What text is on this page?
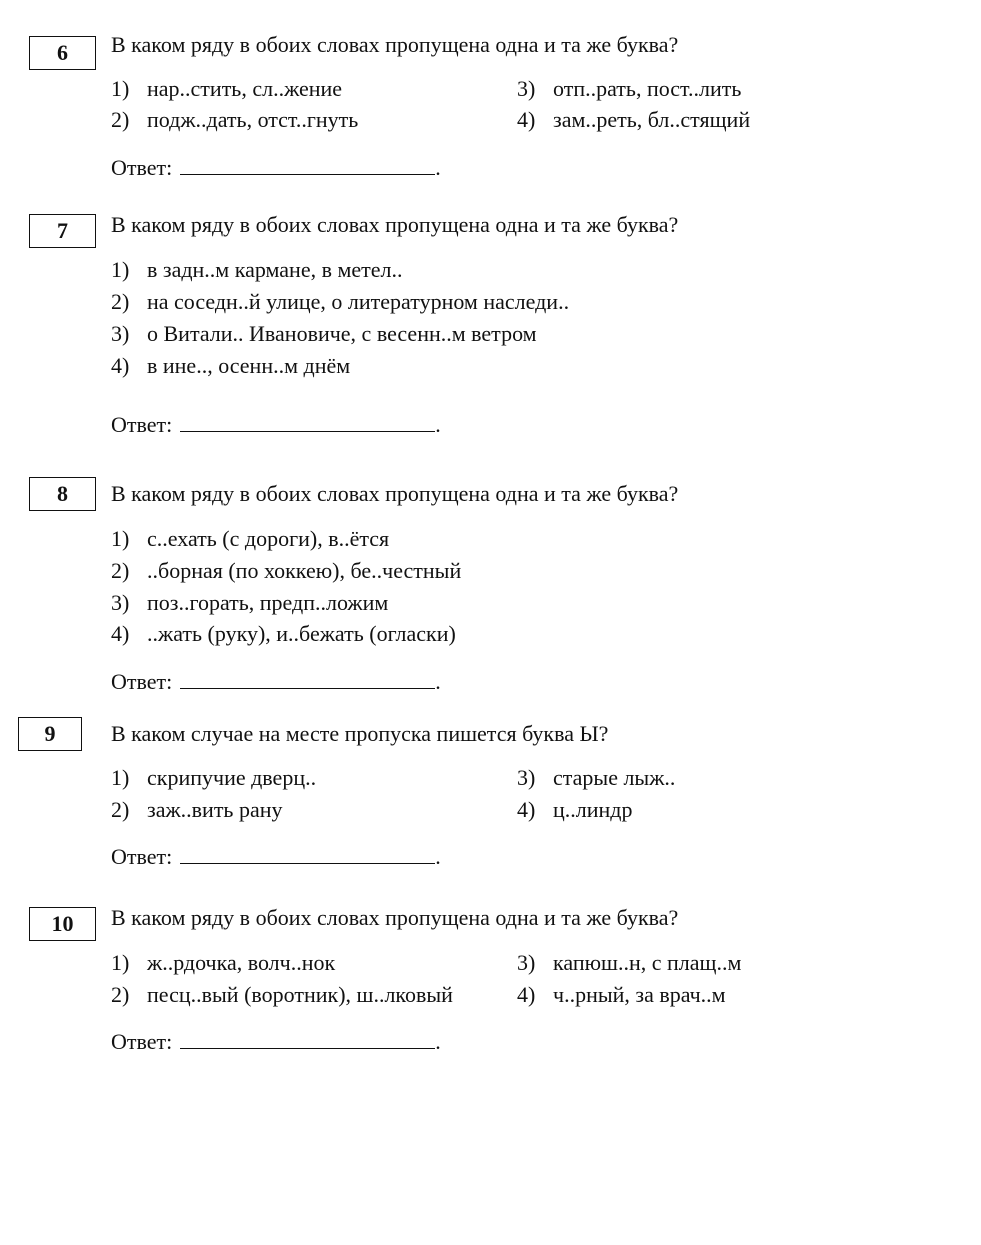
6	В каком ряду в обоих словах пропущена одна и та же буква?
1) нар..стить, сл..жение
2) подж..дать, отст..гнуть
3) отп..рать, пост..лить
4) зам..реть, бл..стящий
Ответ:	.
7	В каком ряду в обоих словах пропущена одна и та же буква?
1) в задн..м кармане, в метел..
2) на соседн..й улице, о литературном наследи..
3) о Витали.. Ивановиче, с весенн..м ветром
4) в ине.., осенн..м днём
Ответ:	.
8	В каком ряду в обоих словах пропущена одна и та же буква?
1) с..ехать (с дороги), в..ётся
2) ..борная (по хоккею), бе..честный
3) поз..горать, предп..ложим
4) ..жать (руку), и..бежать (огласки)
Ответ:	.
9	В каком случае на месте пропуска пишется буква Ы?
1) скрипучие дверц..
2) заж..вить рану
3) старые лыж..
4) ц..линдр
Ответ:	.
10	В каком ряду в обоих словах пропущена одна и та же буква?
1) ж..рдочка, волч..нок
2) песц..вый (воротник), ш..лковый
3) капюш..н, с плащ..м
4) ч..рный, за врач..м
Ответ:	.
